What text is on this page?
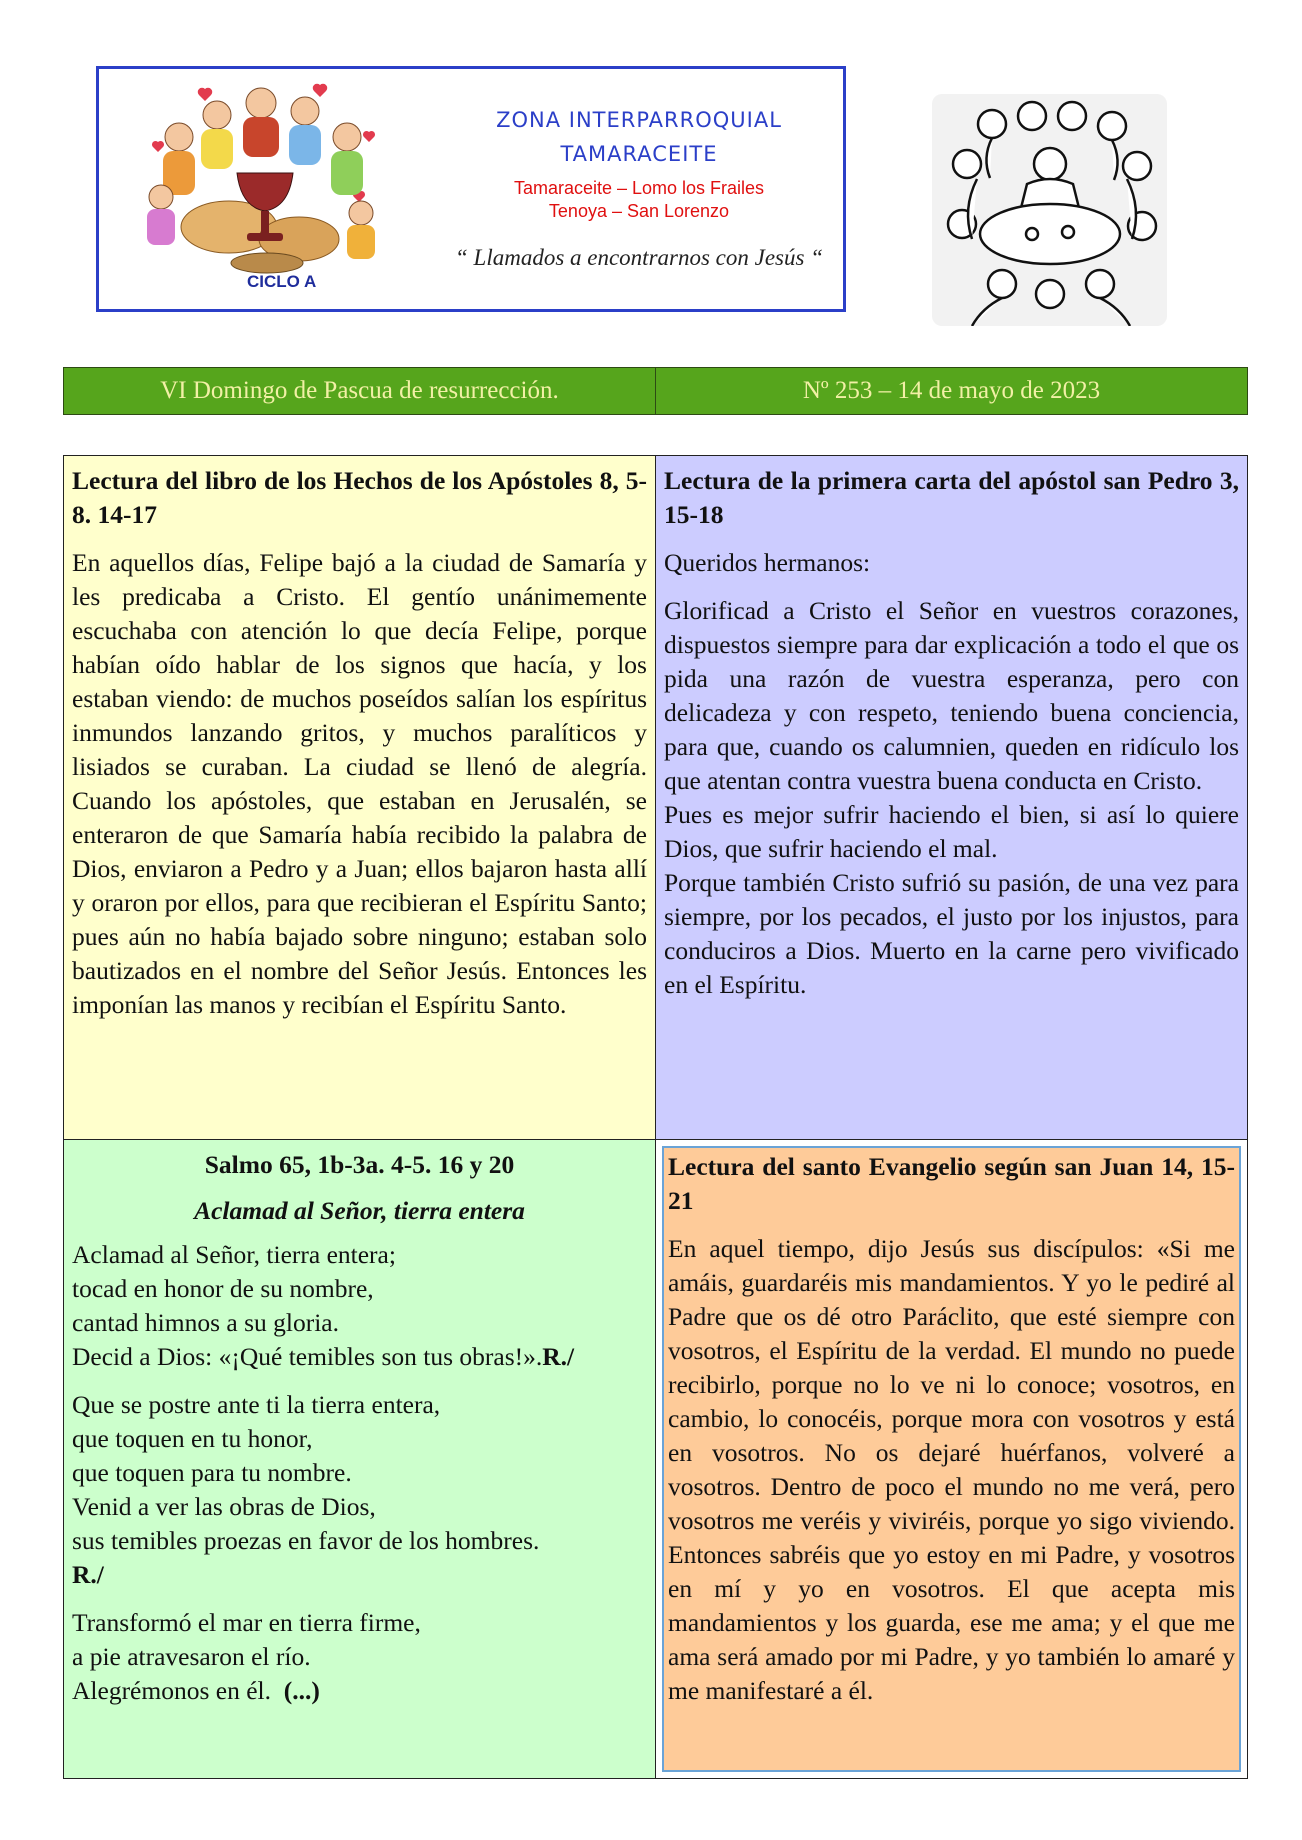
ZONA INTERPARROQUIAL
TAMARACEITE
Tamaraceite – Lomo los Frailes
Tenoya – San Lorenzo
“ Llamados a encontrarnos con Jesús “
CICLO A
VI Domingo de Pascua de resurrección.	Nº 253 – 14 de mayo de 2023
Lectura del libro de los Hechos de los Apóstoles 8, 5-8. 14-17

En aquellos días, Felipe bajó a la ciudad de Samaría y les predicaba a Cristo. El gentío unánimemente escuchaba con atención lo que decía Felipe, porque habían oído hablar de los signos que hacía, y los estaban viendo: de muchos poseídos salían los espíritus inmundos lanzando gritos, y muchos paralíticos y lisiados se curaban. La ciudad se llenó de alegría. Cuando los apóstoles, que estaban en Jerusalén, se enteraron de que Samaría había recibido la palabra de Dios, enviaron a Pedro y a Juan; ellos bajaron hasta allí y oraron por ellos, para que recibieran el Espíritu Santo; pues aún no había bajado sobre ninguno; estaban solo bautizados en el nombre del Señor Jesús. Entonces les imponían las manos y recibían el Espíritu Santo.

Lectura de la primera carta del apóstol san Pedro 3, 15-18

Queridos hermanos:

Glorificad a Cristo el Señor en vuestros corazones, dispuestos siempre para dar explicación a todo el que os pida una razón de vuestra esperanza, pero con delicadeza y con respeto, teniendo buena conciencia, para que, cuando os calumnien, queden en ridículo los que atentan contra vuestra buena conducta en Cristo.

Pues es mejor sufrir haciendo el bien, si así lo quiere Dios, que sufrir haciendo el mal.

Porque también Cristo sufrió su pasión, de una vez para siempre, por los pecados, el justo por los injustos, para conduciros a Dios. Muerto en la carne pero vivificado en el Espíritu.

Salmo 65, 1b-3a. 4-5. 16 y 20
Aclamad al Señor, tierra entera
Aclamad al Señor, tierra entera;
tocad en honor de su nombre,
cantad himnos a su gloria.
Decid a Dios: «¡Qué temibles son tus obras!».R./
Que se postre ante ti la tierra entera,
que toquen en tu honor,
que toquen para tu nombre.
Venid a ver las obras de Dios,
sus temibles proezas en favor de los hombres.
R./
Transformó el mar en tierra firme,
a pie atravesaron el río.
Alegrémonos en él. (...)
Lectura del santo Evangelio según san Juan 14, 15-21

En aquel tiempo, dijo Jesús sus discípulos: «Si me amáis, guardaréis mis mandamientos. Y yo le pediré al Padre que os dé otro Paráclito, que esté siempre con vosotros, el Espíritu de la verdad. El mundo no puede recibirlo, porque no lo ve ni lo conoce; vosotros, en cambio, lo conocéis, porque mora con vosotros y está en vosotros. No os dejaré huérfanos, volveré a vosotros. Dentro de poco el mundo no me verá, pero vosotros me veréis y viviréis, porque yo sigo viviendo. Entonces sabréis que yo estoy en mi Padre, y vosotros en mí y yo en vosotros. El que acepta mis mandamientos y los guarda, ese me ama; y el que me ama será amado por mi Padre, y yo también lo amaré y me manifestaré a él.
